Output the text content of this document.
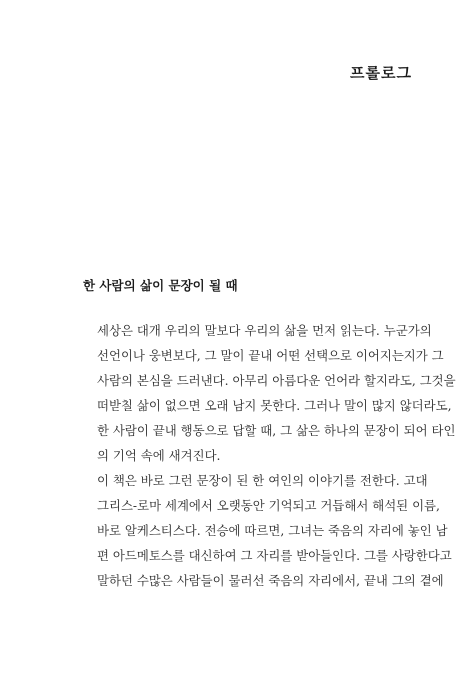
프롤로그
한 사람의 삶이 문장이 될 때

세상은 대개 우리의 말보다 우리의 삶을 먼저 읽는다. 누군가의
선언이나 웅변보다, 그 말이 끝내 어떤 선택으로 이어지는지가 그
사람의 본심을 드러낸다. 아무리 아름다운 언어라 할지라도, 그것을
떠받칠 삶이 없으면 오래 남지 못한다. 그러나 말이 많지 않더라도,
한 사람이 끝내 행동으로 답할 때, 그 삶은 하나의 문장이 되어 타인
의 기억 속에 새겨진다.

이 책은 바로 그런 문장이 된 한 여인의 이야기를 전한다. 고대
그리스-로마 세계에서 오랫동안 기억되고 거듭해서 해석된 이름,
바로 알케스티스다. 전승에 따르면, 그녀는 죽음의 자리에 놓인 남
편 아드메토스를 대신하여 그 자리를 받아들인다. 그를 사랑한다고
말하던 수많은 사람들이 물러선 죽음의 자리에서, 끝내 그의 곁에
